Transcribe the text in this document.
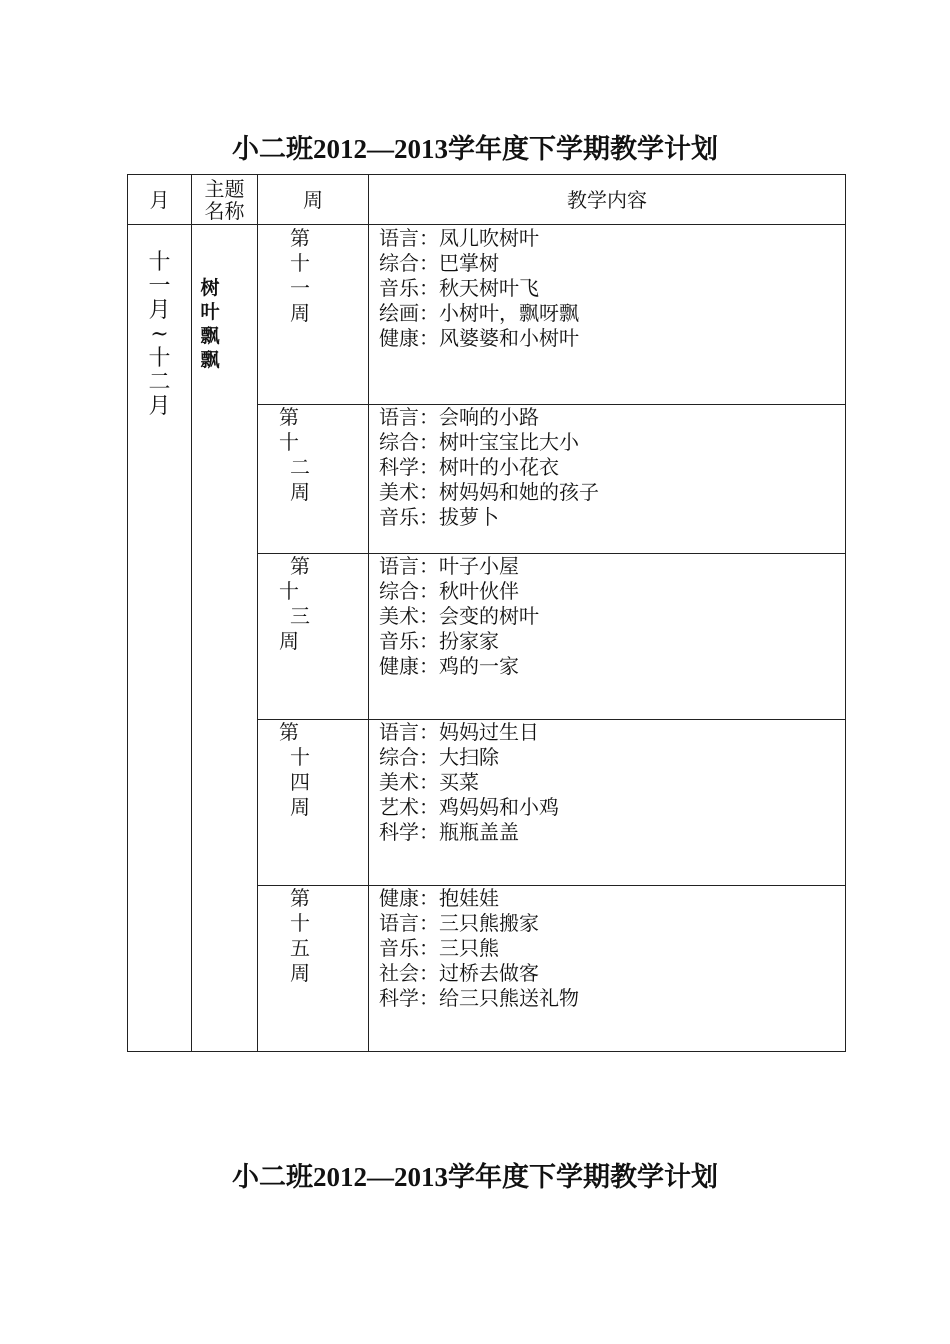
小二班2012—2013学年度下学期教学计划
月 主题
名称	周	教学内容
十
一
月
~
十
二
月
树
叶
飘
飘
第
十
一
周
语言：凤儿吹树叶
综合：巴掌树
音乐：秋天树叶飞
绘画：小树叶，飘呀飘
健康：风婆婆和小树叶
第
十
二
周
语言：会响的小路
综合：树叶宝宝比大小
科学：树叶的小花衣
美术：树妈妈和她的孩子
音乐：拔萝卜
第
十
三
周
语言：叶子小屋
综合：秋叶伙伴
美术：会变的树叶
音乐：扮家家
健康：鸡的一家
第
十
四
周
语言：妈妈过生日
综合：大扫除
美术：买菜
艺术：鸡妈妈和小鸡
科学：瓶瓶盖盖
第
十
五
周
健康：抱娃娃
语言：三只熊搬家
音乐：三只熊
社会：过桥去做客
科学：给三只熊送礼物
小二班2012—2013学年度下学期教学计划
